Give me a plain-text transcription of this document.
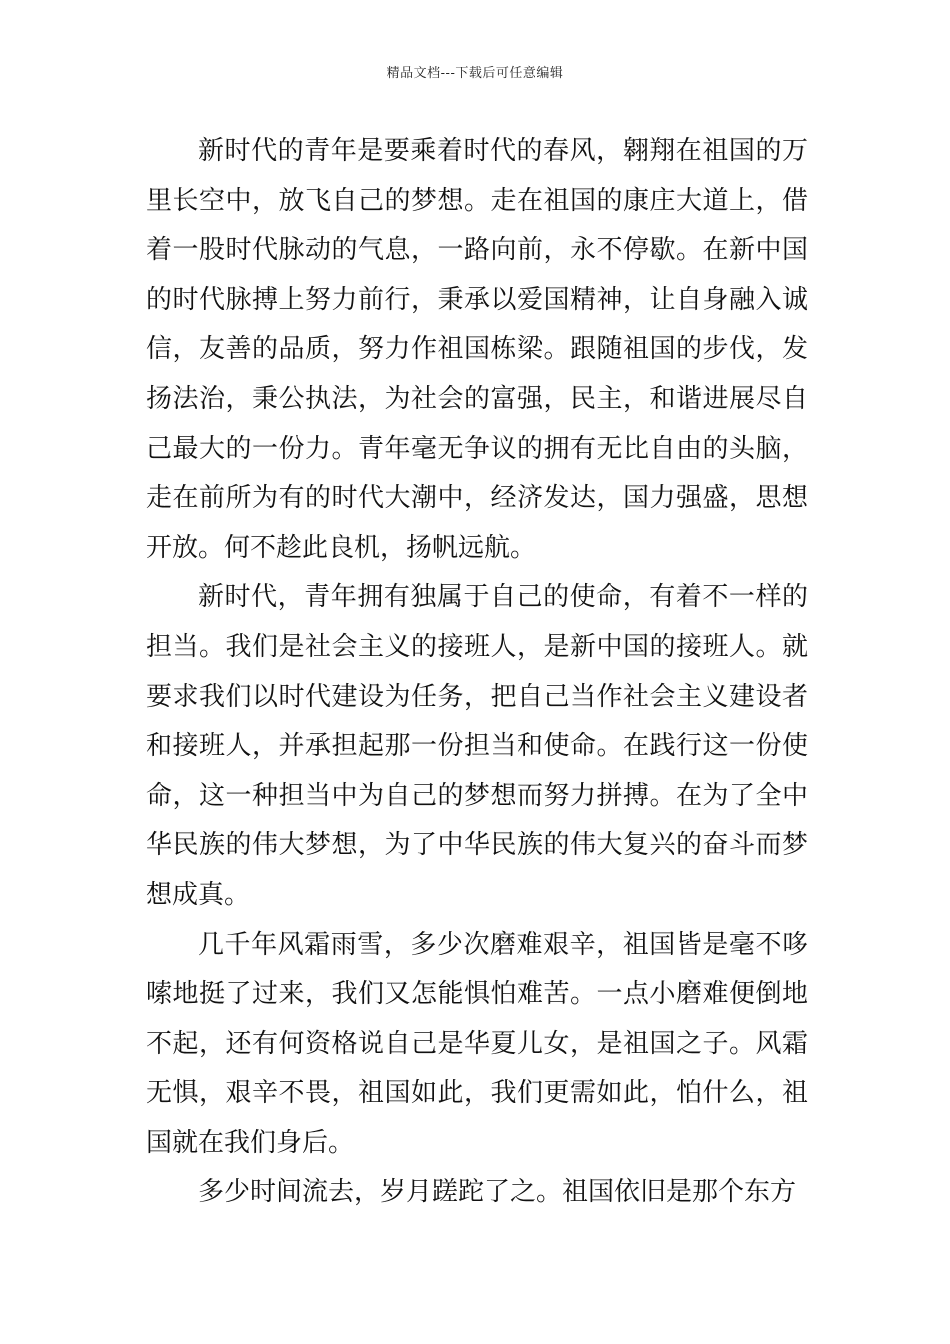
精品文档---下载后可任意编辑

新时代的青年是要乘着时代的春风，翱翔在祖国的万里长空中，放飞自己的梦想。走在祖国的康庄大道上，借着一股时代脉动的气息，一路向前，永不停歇。在新中国的时代脉搏上努力前行，秉承以爱国精神，让自身融入诚信，友善的品质，努力作祖国栋梁。跟随祖国的步伐，发扬法治，秉公执法，为社会的富强，民主，和谐进展尽自己最大的一份力。青年毫无争议的拥有无比自由的头脑，走在前所为有的时代大潮中，经济发达，国力强盛，思想开放。何不趁此良机，扬帆远航。

新时代，青年拥有独属于自己的使命，有着不一样的担当。我们是社会主义的接班人，是新中国的接班人。就要求我们以时代建设为任务，把自己当作社会主义建设者和接班人，并承担起那一份担当和使命。在践行这一份使命，这一种担当中为自己的梦想而努力拼搏。在为了全中华民族的伟大梦想，为了中华民族的伟大复兴的奋斗而梦想成真。

几千年风霜雨雪，多少次磨难艰辛，祖国皆是毫不哆嗦地挺了过来，我们又怎能惧怕难苦。一点小磨难便倒地不起，还有何资格说自己是华夏儿女，是祖国之子。风霜无惧，艰辛不畏，祖国如此，我们更需如此，怕什么，祖国就在我们身后。

多少时间流去，岁月蹉跎了之。祖国依旧是那个东方
